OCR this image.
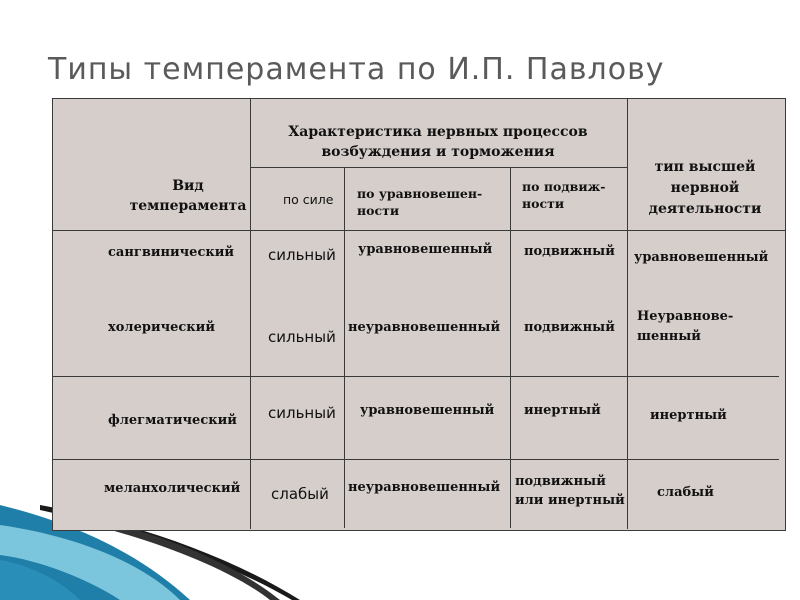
Типы темперамента по И.П. Павлову
Вид
темперамента
Характеристика нервных процессов
возбуждения и торможения
по силе по уравновешен-
ности
по подвиж-
ности
тип высшей
нервной
деятельности
сангвинический сильный уравновешенный подвижный уравновешенный
холерический
сильный
неуравновешенный подвижный
Неуравнове-
шенный
флегматический сильный уравновешенный инертный	инертный
меланхолический слабый неуравновешенный подвижный
или инертный
слабый
